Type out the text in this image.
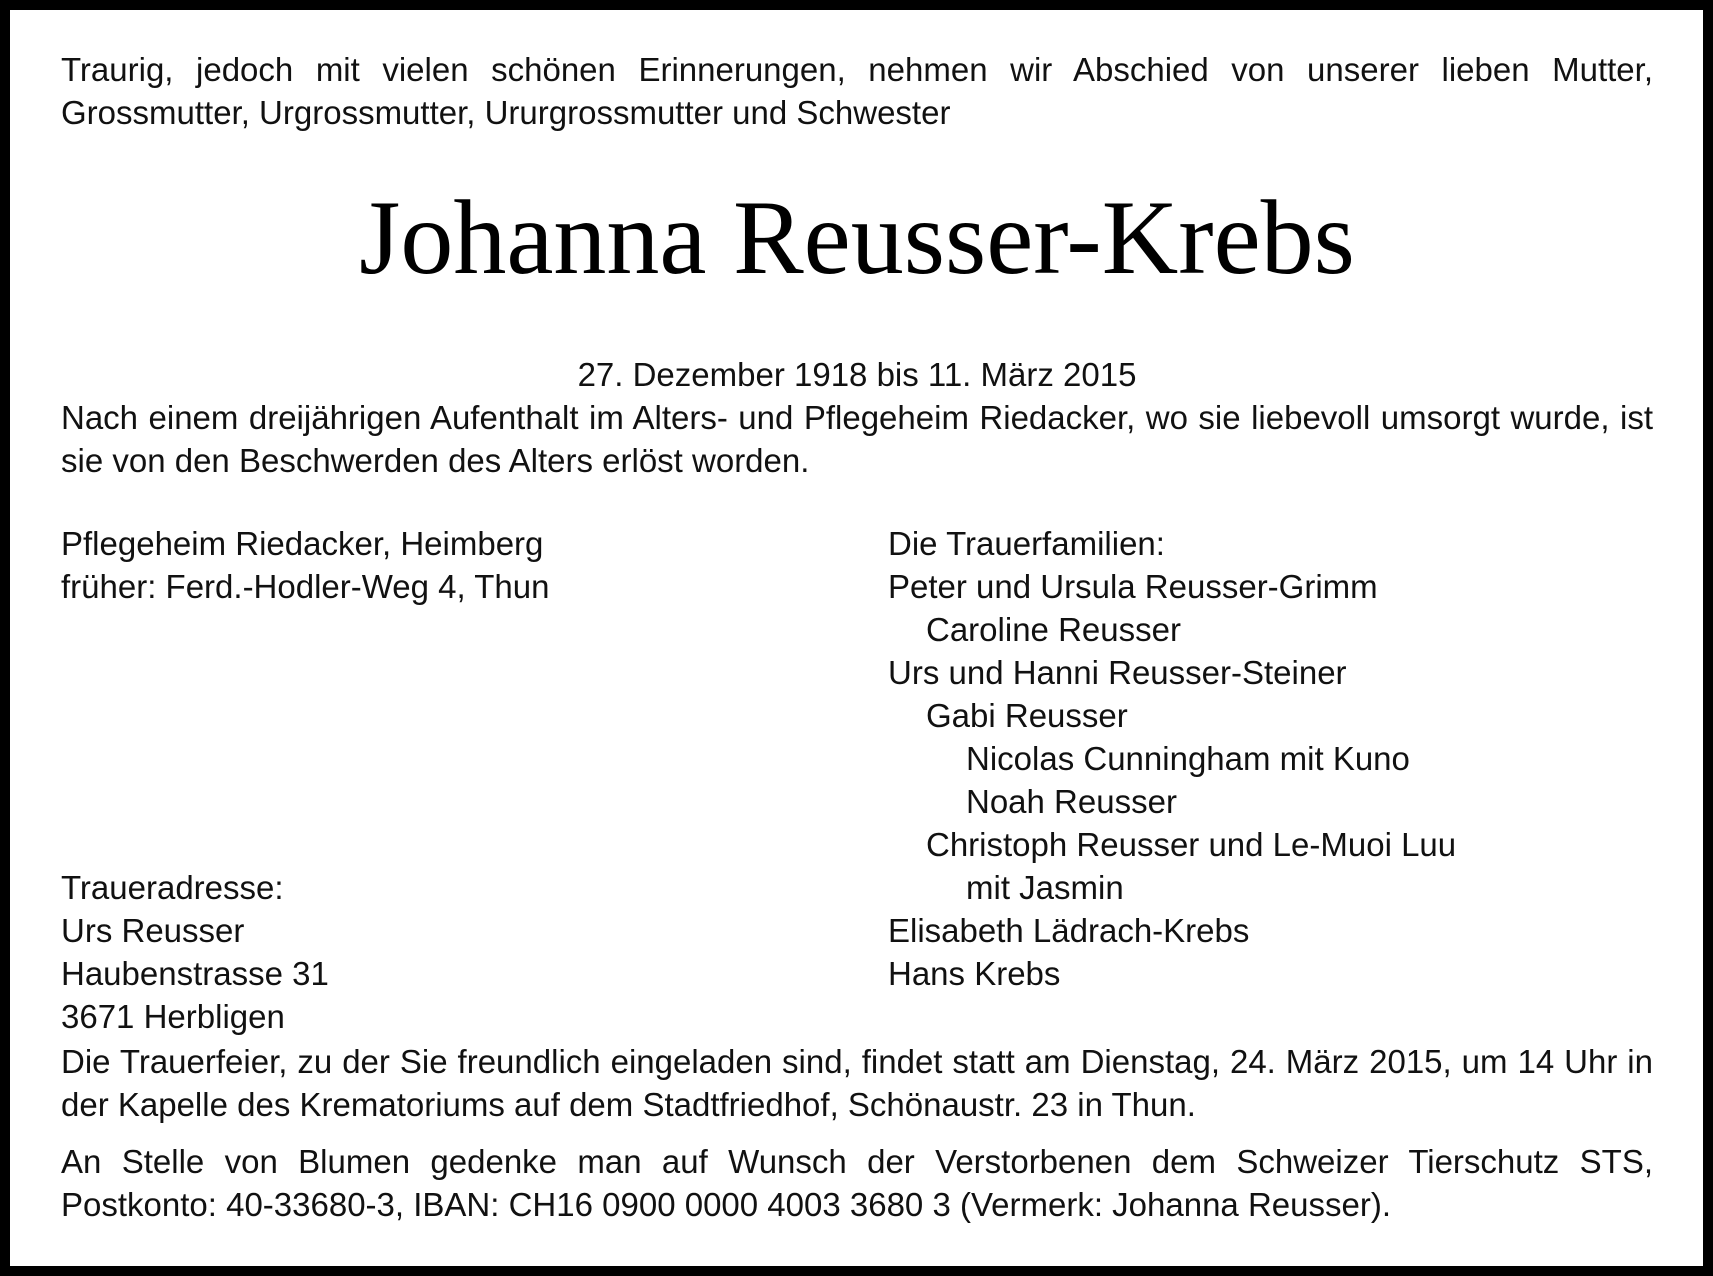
Traurig, jedoch mit vielen schönen Erinnerungen, nehmen wir Abschied von unserer lieben Mutter, Grossmutter, Urgrossmutter, Ururgrossmutter und Schwester

Johanna Reusser-Krebs
27. Dezember 1918 bis 11. März 2015

Nach einem dreijährigen Aufenthalt im Alters- und Pflegeheim Riedacker, wo sie liebevoll umsorgt wurde, ist sie von den Beschwerden des Alters erlöst worden.

Pflegeheim Riedacker, Heimberg
früher: Ferd.-Hodler-Weg 4, Thun
Traueradresse:
Urs Reusser
Haubenstrasse 31
3671 Herbligen
Die Trauerfamilien:
Peter und Ursula Reusser-Grimm
Caroline Reusser
Urs und Hanni Reusser-Steiner
Gabi Reusser
Nicolas Cunningham mit Kuno
Noah Reusser
Christoph Reusser und Le-Muoi Luu
mit Jasmin
Elisabeth Lädrach-Krebs
Hans Krebs

Die Trauerfeier, zu der Sie freundlich eingeladen sind, findet statt am Dienstag, 24. März 2015, um 14 Uhr in der Kapelle des Krematoriums auf dem Stadtfriedhof, Schönaustr. 23 in Thun.

An Stelle von Blumen gedenke man auf Wunsch der Verstorbenen dem Schweizer Tierschutz STS, Postkonto: 40-33680-3, IBAN: CH16 0900 0000 4003 3680 3 (Vermerk: Johanna Reusser).
